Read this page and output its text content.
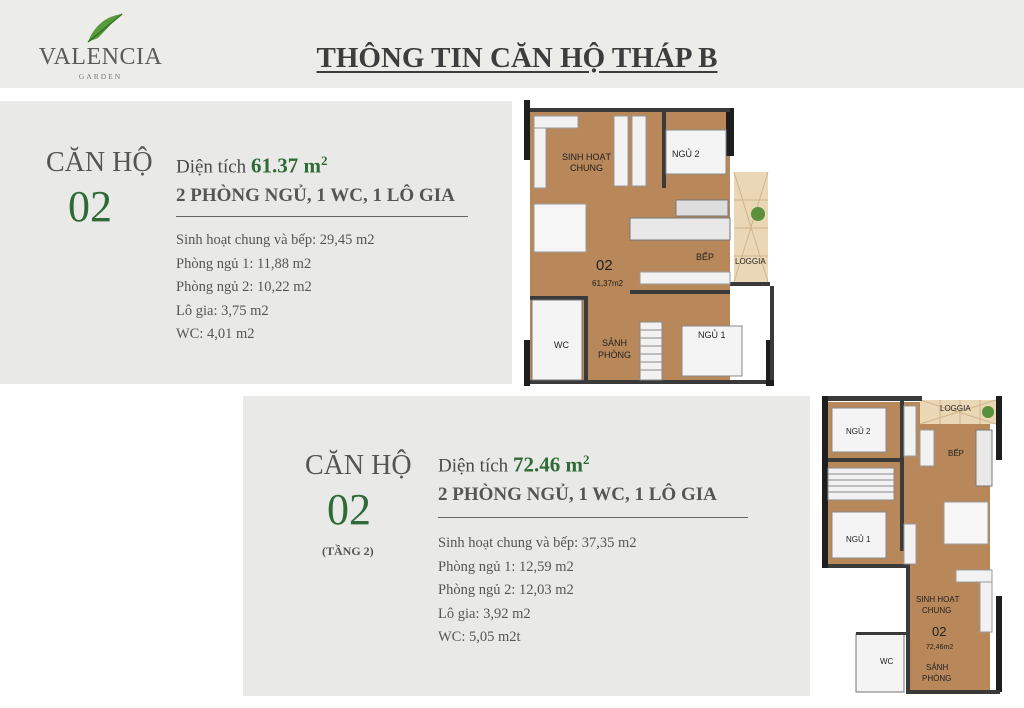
VALENCIA
GARDEN
THÔNG TIN CĂN HỘ THÁP B
CĂN HỘ
02
Diện tích 61.37 $m^2$
2 PHÒNG NGỦ, 1 WC, 1 LÔ GIA
Sinh hoạt chung và bếp: 29,45 m2
Phòng ngủ 1: 11,88 m2
Phòng ngủ 2: 10,22 m2
Lô gia: 3,75 m2
WC: 4,01 m2
SINH HOẠT
CHUNG
NGỦ 2
BẾP	LOGGIA
02
61,37m2
WC	SẢNH
PHÒNG
NGỦ 1
CĂN HỘ
02
(TẦNG 2)
Diện tích 72.46 $m^2$
2 PHÒNG NGỦ, 1 WC, 1 LÔ GIA
Sinh hoạt chung và bếp: 37,35 m2
Phòng ngủ 1: 12,59 m2
Phòng ngủ 2: 12,03 m2
Lô gia: 3,92 m2
WC: 5,05 m2t
LOGGIA
NGỦ 2
BẾP
NGỦ 1
SINH HOẠT
CHUNG
02
72,46m2
WC
SẢNH
PHÒNG
